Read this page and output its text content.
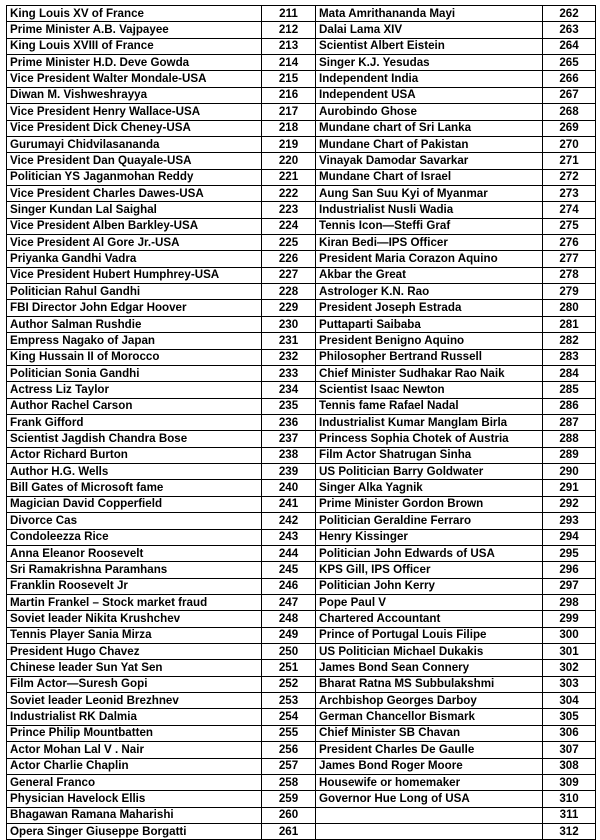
King Louis XV of France	211	Mata Amrithananda Mayi	262
Prime Minister A.B. Vajpayee	212	Dalai Lama XIV	263
King Louis XVIII of France	213	Scientist Albert Eistein	264
Prime Minister H.D. Deve Gowda	214	Singer K.J. Yesudas	265
Vice President Walter Mondale-USA	215	Independent India	266
Diwan M. Vishweshrayya	216	Independent USA	267
Vice President Henry Wallace-USA	217	Aurobindo Ghose	268
Vice President Dick Cheney-USA	218	Mundane chart of Sri Lanka	269
Gurumayi Chidvilasananda	219	Mundane Chart of Pakistan	270
Vice President Dan Quayale-USA	220	Vinayak Damodar Savarkar	271
Politician YS Jaganmohan Reddy	221	Mundane Chart of Israel	272
Vice President Charles Dawes-USA	222	Aung San Suu Kyi of Myanmar	273
Singer Kundan Lal Saighal	223	Industrialist Nusli Wadia	274
Vice President Alben Barkley-USA	224	Tennis Icon—Steffi Graf	275
Vice President Al Gore Jr.-USA	225	Kiran Bedi—IPS Officer	276
Priyanka Gandhi Vadra	226	President Maria Corazon Aquino	277
Vice President Hubert Humphrey-USA	227	Akbar the Great	278
Politician Rahul Gandhi	228	Astrologer K.N. Rao	279
FBI Director John Edgar Hoover	229	President Joseph Estrada	280
Author Salman Rushdie	230	Puttaparti Saibaba	281
Empress Nagako of Japan	231	President Benigno Aquino	282
King Hussain II of Morocco	232	Philosopher Bertrand Russell	283
Politician Sonia Gandhi	233	Chief Minister Sudhakar Rao Naik	284
Actress Liz Taylor	234	Scientist Isaac Newton	285
Author Rachel Carson	235	Tennis fame Rafael Nadal	286
Frank Gifford	236	Industrialist Kumar Manglam Birla	287
Scientist Jagdish Chandra Bose	237	Princess Sophia Chotek of Austria	288
Actor Richard Burton	238	Film Actor Shatrugan Sinha	289
Author H.G. Wells	239	US Politician Barry Goldwater	290
Bill Gates of Microsoft fame	240	Singer Alka Yagnik	291
Magician David Copperfield	241	Prime Minister Gordon Brown	292
Divorce Cas	242	Politician Geraldine Ferraro	293
Condoleezza Rice	243	Henry Kissinger	294
Anna Eleanor Roosevelt	244	Politician John Edwards of USA	295
Sri Ramakrishna Paramhans	245	KPS Gill, IPS Officer	296
Franklin Roosevelt Jr	246	Politician John Kerry	297
Martin Frankel – Stock market fraud	247	Pope Paul V	298
Soviet leader Nikita Krushchev	248	Chartered Accountant	299
Tennis Player Sania Mirza	249	Prince of Portugal Louis Filipe	300
President Hugo Chavez	250	US Politician Michael Dukakis	301
Chinese leader Sun Yat Sen	251	James Bond Sean Connery	302
Film Actor—Suresh Gopi	252	Bharat Ratna MS Subbulakshmi	303
Soviet leader Leonid Brezhnev	253	Archbishop Georges Darboy	304
Industrialist RK Dalmia	254	German Chancellor Bismark	305
Prince Philip Mountbatten	255	Chief Minister SB Chavan	306
Actor Mohan Lal V . Nair	256	President Charles De Gaulle	307
Actor Charlie Chaplin	257	James Bond Roger Moore	308
General Franco	258	Housewife or homemaker	309
Physician Havelock Ellis	259	Governor Hue Long of USA	310
Bhagawan Ramana Maharishi	260		311
Opera Singer Giuseppe Borgatti	261		312
